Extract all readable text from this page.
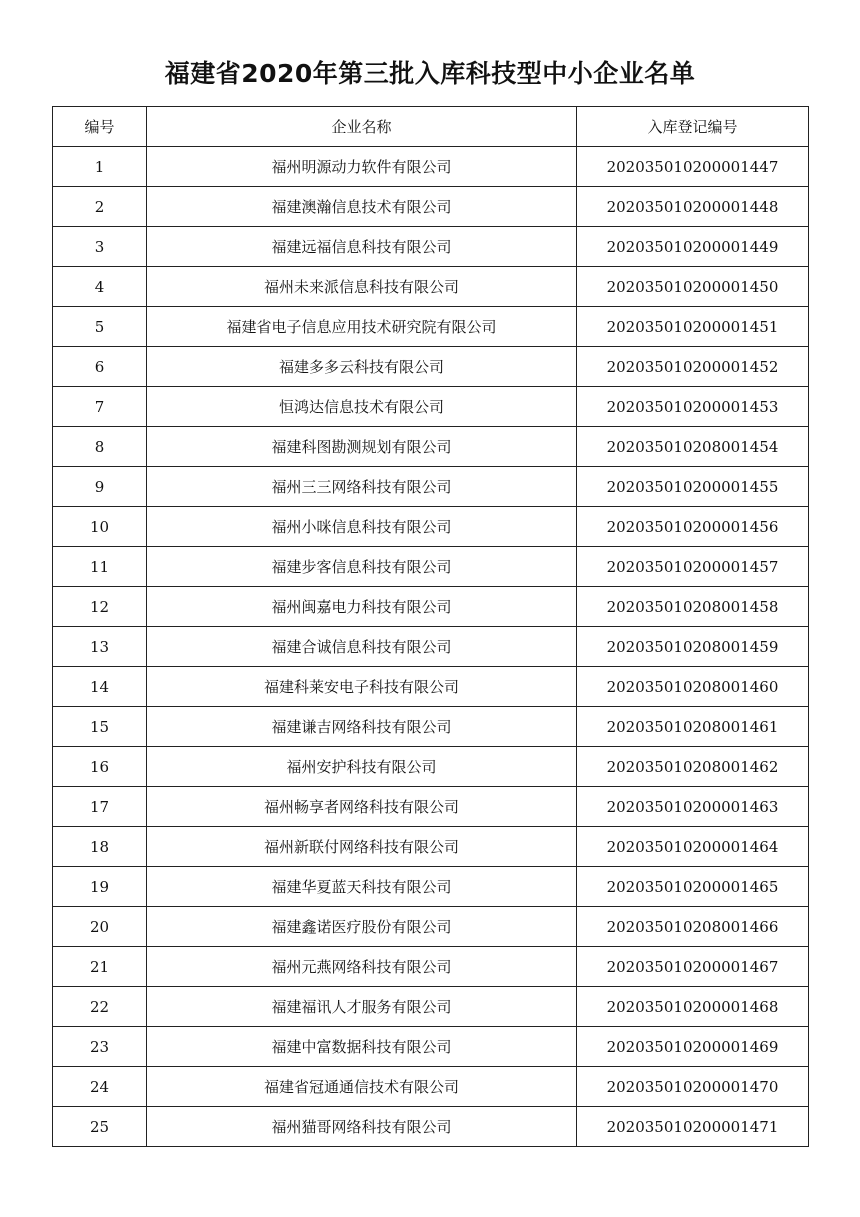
福建省2020年第三批入库科技型中小企业名单
编号	企业名称	入库登记编号
1	福州明源动力软件有限公司	202035010200001447
2	福建澳瀚信息技术有限公司	202035010200001448
3	福建远福信息科技有限公司	202035010200001449
4	福州未来派信息科技有限公司	202035010200001450
5	福建省电子信息应用技术研究院有限公司	202035010200001451
6	福建多多云科技有限公司	202035010200001452
7	恒鸿达信息技术有限公司	202035010200001453
8	福建科图勘测规划有限公司	202035010208001454
9	福州三三网络科技有限公司	202035010200001455
10	福州小咪信息科技有限公司	202035010200001456
11	福建步客信息科技有限公司	202035010200001457
12	福州闽嘉电力科技有限公司	202035010208001458
13	福建合诚信息科技有限公司	202035010208001459
14	福建科莱安电子科技有限公司	202035010208001460
15	福建谦吉网络科技有限公司	202035010208001461
16	福州安护科技有限公司	202035010208001462
17	福州畅享者网络科技有限公司	202035010200001463
18	福州新联付网络科技有限公司	202035010200001464
19	福建华夏蓝天科技有限公司	202035010200001465
20	福建鑫诺医疗股份有限公司	202035010208001466
21	福州元燕网络科技有限公司	202035010200001467
22	福建福讯人才服务有限公司	202035010200001468
23	福建中富数据科技有限公司	202035010200001469
24	福建省冠通通信技术有限公司	202035010200001470
25	福州猫哥网络科技有限公司	202035010200001471
